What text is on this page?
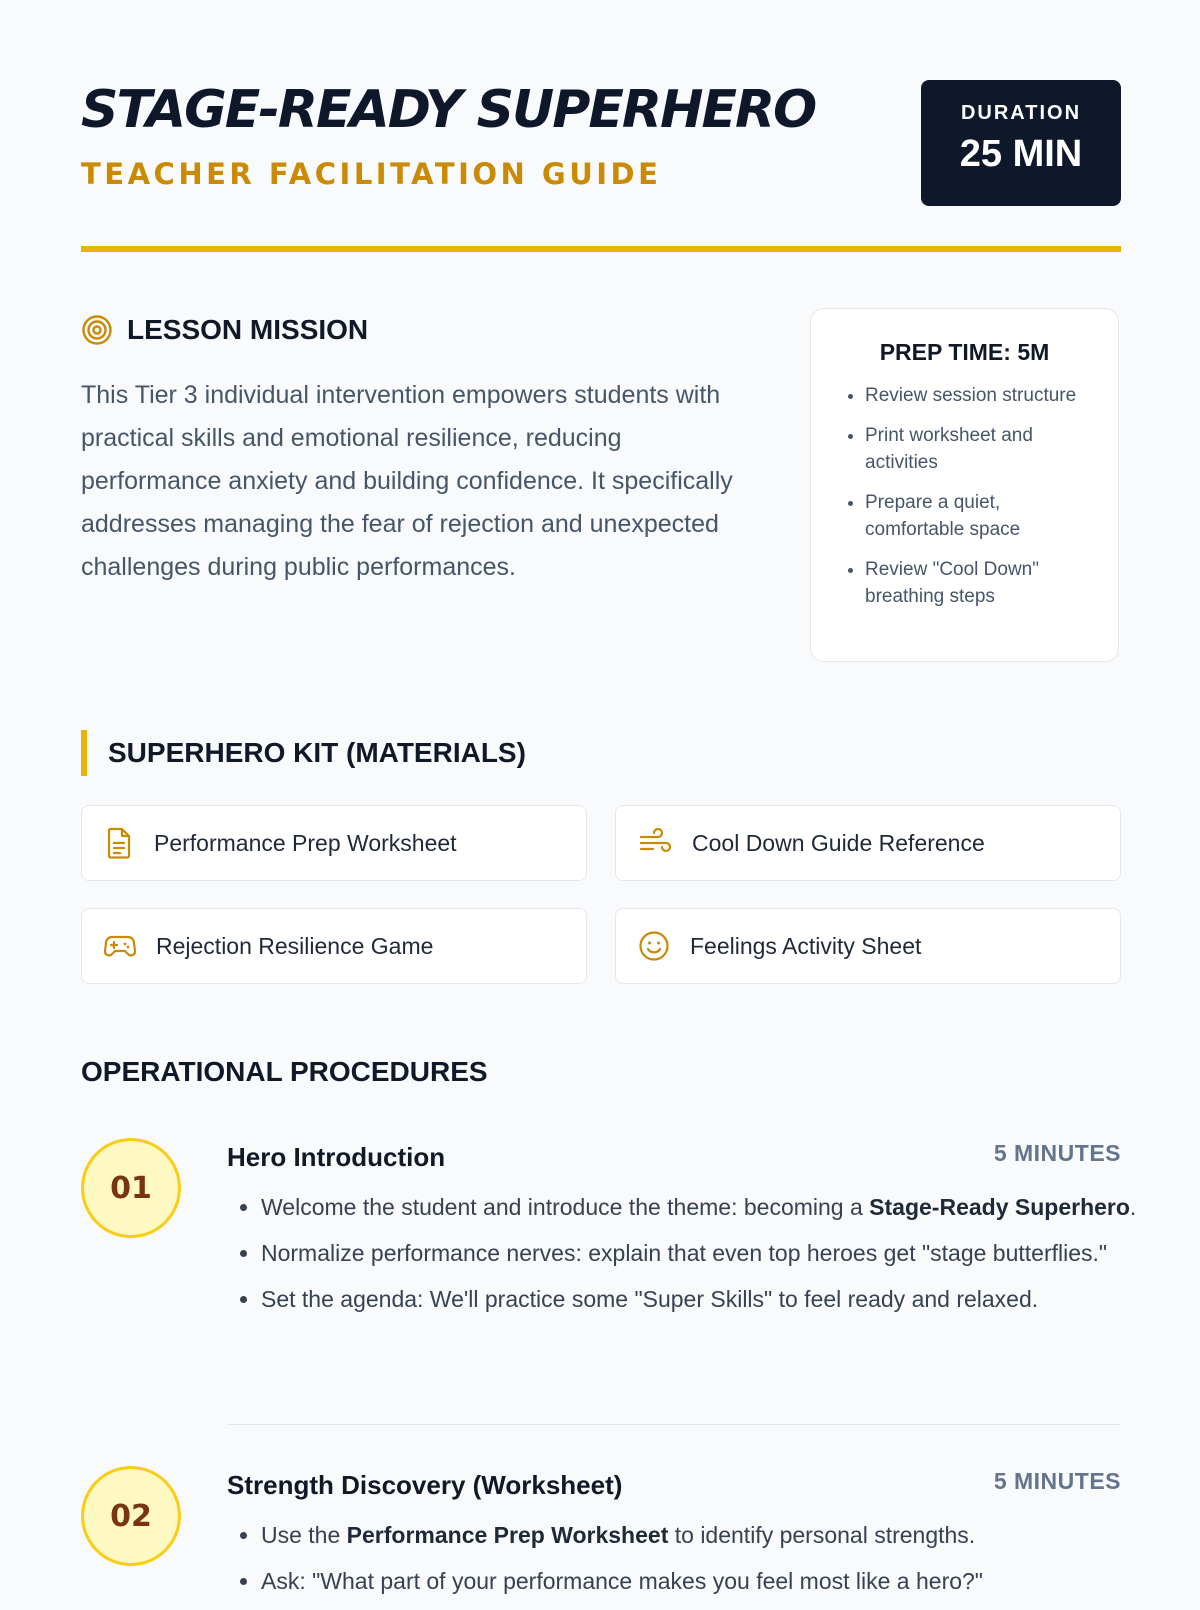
STAGE-READY SUPERHERO

TEACHER FACILITATION GUIDE

DURATION
25 MIN
LESSON MISSION

This Tier 3 individual intervention empowers students with practical skills and emotional resilience, reducing performance anxiety and building confidence. It specifically addresses managing the fear of rejection and unexpected challenges during public performances.

PREP TIME: 5M
• Review session structure
• Print worksheet and activities
• Prepare a quiet, comfortable space
• Review "Cool Down" breathing steps
SUPERHERO KIT (MATERIALS)
Performance Prep Worksheet	Cool Down Guide Reference
Rejection Resilience Game	Feelings Activity Sheet
OPERATIONAL PROCEDURES
01
Hero Introduction	5 MINUTES
• Welcome the student and introduce the theme: becoming a Stage-Ready Superhero.
• Normalize performance nerves: explain that even top heroes get "stage butterflies."
• Set the agenda: We'll practice some "Super Skills" to feel ready and relaxed.
02
Strength Discovery (Worksheet)	5 MINUTES
• Use the Performance Prep Worksheet to identify personal strengths.
• Ask: "What part of your performance makes you feel most like a hero?"
